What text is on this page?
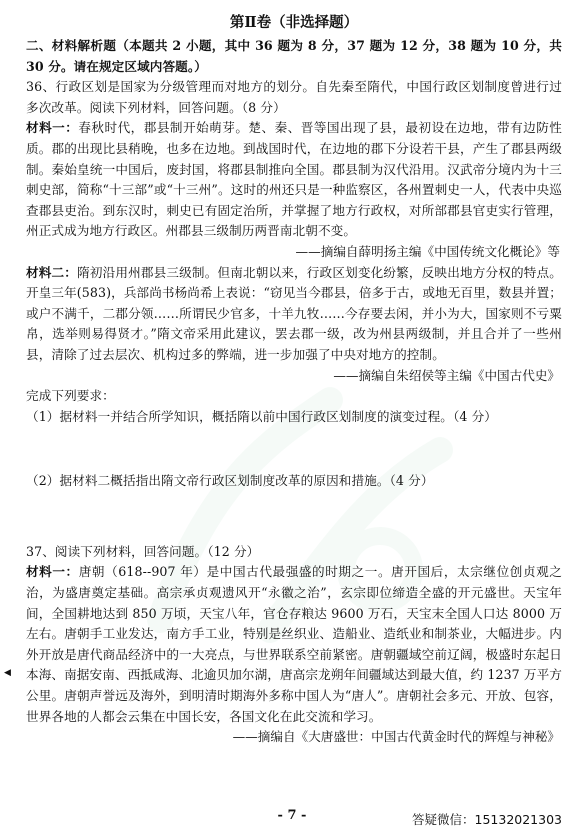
第Ⅱ卷（非选择题）
二、材料解析题（本题共 2 小题，其中 36 题为 8 分，37 题为 12 分，38 题为 10 分，共 30 分。请在规定区域内答题。）
36、行政区划是国家为分级管理而对地方的划分。自先秦至隋代，中国行政区划制度曾进行过多次改革。阅读下列材料，回答问题。（8 分）
材料一：春秋时代，郡县制开始萌芽。楚、秦、晋等国出现了县，最初设在边地，带有边防性质。郡的出现比县稍晚，也多在边地。到战国时代，在边地的郡下分设若干县，产生了郡县两级制。秦始皇统一中国后，废封国，将郡县制推向全国。郡县制为汉代沿用。汉武帝分境内为十三刺史部，简称“十三部”或“十三州”。这时的州还只是一种监察区，各州置刺史一人，代表中央巡查郡县吏治。到东汉时，刺史已有固定治所，并掌握了地方行政权，对所部郡县官吏实行管理，州正式成为地方行政区。州郡县三级制历两晋南北朝不变。
——摘编自薛明扬主编《中国传统文化概论》等
材料二：隋初沿用州郡县三级制。但南北朝以来，行政区划变化纷繁，反映出地方分权的特点。开皇三年(583)，兵部尚书杨尚希上表说：“窃见当今郡县，倍多于古，或地无百里，数县并置；或户不满千，二郡分领……所谓民少官多，十羊九牧……今存要去闲，并小为大，国家则不亏粟帛，选举则易得贤才。”隋文帝采用此建议，罢去郡一级，改为州县两级制，并且合并了一些州县，清除了过去层次、机构过多的弊端，进一步加强了中央对地方的控制。
——摘编自朱绍侯等主编《中国古代史》
完成下列要求：
（1）据材料一并结合所学知识，概括隋以前中国行政区划制度的演变过程。（4 分）
（2）据材料二概括指出隋文帝行政区划制度改革的原因和措施。（4 分）
37、阅读下列材料，回答问题。（12 分）
材料一：唐朝（618--907 年）是中国古代最强盛的时期之一。唐开国后，太宗继位创贞观之治，为盛唐奠定基础。高宗承贞观遗风开“永徽之治”，玄宗即位缔造全盛的开元盛世。天宝年间，全国耕地达到 850 万顷，天宝八年，官仓存粮达 9600 万石，天宝末全国人口达 8000 万左右。唐朝手工业发达，南方手工业，特别是丝织业、造船业、造纸业和制茶业，大幅进步。内外开放是唐代商品经济中的一大亮点，与世界联系空前紧密。唐朝疆域空前辽阔，极盛时东起日本海、南据安南、西抵咸海、北逾贝加尔湖，唐高宗龙朔年间疆域达到最大值，约 1237 万平方公里。唐朝声誉远及海外，到明清时期海外多称中国人为“唐人”。唐朝社会多元、开放、包容，世界各地的人都会云集在中国长安，各国文化在此交流和学习。
——摘编自《大唐盛世：中国古代黄金时代的辉煌与神秘》
◀
- 7 -	答疑微信：15132021303
